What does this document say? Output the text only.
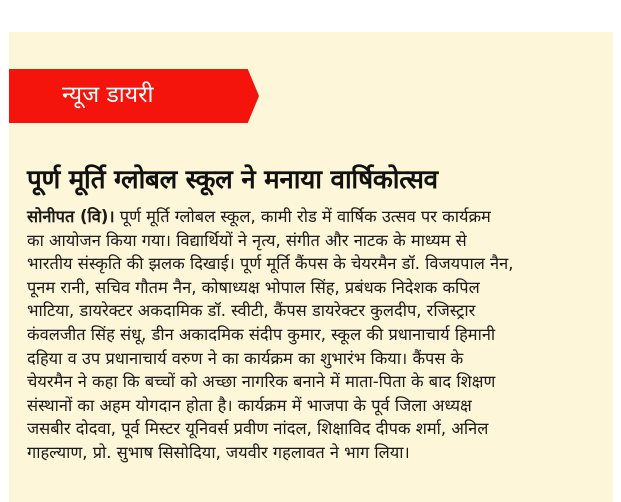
न्यूज डायरी
पूर्ण मूर्ति ग्लोबल स्कूल ने मनाया वार्षिकोत्सव
सोनीपत (वि)। पूर्ण मूर्ति ग्लोबल स्कूल, कामी रोड में वार्षिक उत्सव पर कार्यक्रम
का आयोजन किया गया। विद्यार्थियों ने नृत्य, संगीत और नाटक के माध्यम से
भारतीय संस्कृति की झलक दिखाई। पूर्ण मूर्ति कैंपस के चेयरमैन डॉ. विजयपाल नैन,
पूनम रानी, सचिव गौतम नैन, कोषाध्यक्ष भोपाल सिंह, प्रबंधक निदेशक कपिल
भाटिया, डायरेक्टर अकदामिक डॉ. स्वीटी, कैंपस डायरेक्टर कुलदीप, रजिस्ट्रार
कंवलजीत सिंह संधू, डीन अकादमिक संदीप कुमार, स्कूल की प्रधानाचार्य हिमानी
दहिया व उप प्रधानाचार्य वरुण ने का कार्यक्रम का शुभारंभ किया। कैंपस के
चेयरमैन ने कहा कि बच्चों को अच्छा नागरिक बनाने में माता-पिता के बाद शिक्षण
संस्थानों का अहम योगदान होता है। कार्यक्रम में भाजपा के पूर्व जिला अध्यक्ष
जसबीर दोदवा, पूर्व मिस्टर यूनिवर्स प्रवीण नांदल, शिक्षाविद दीपक शर्मा, अनिल
गाहल्याण, प्रो. सुभाष सिसोदिया, जयवीर गहलावत ने भाग लिया।
